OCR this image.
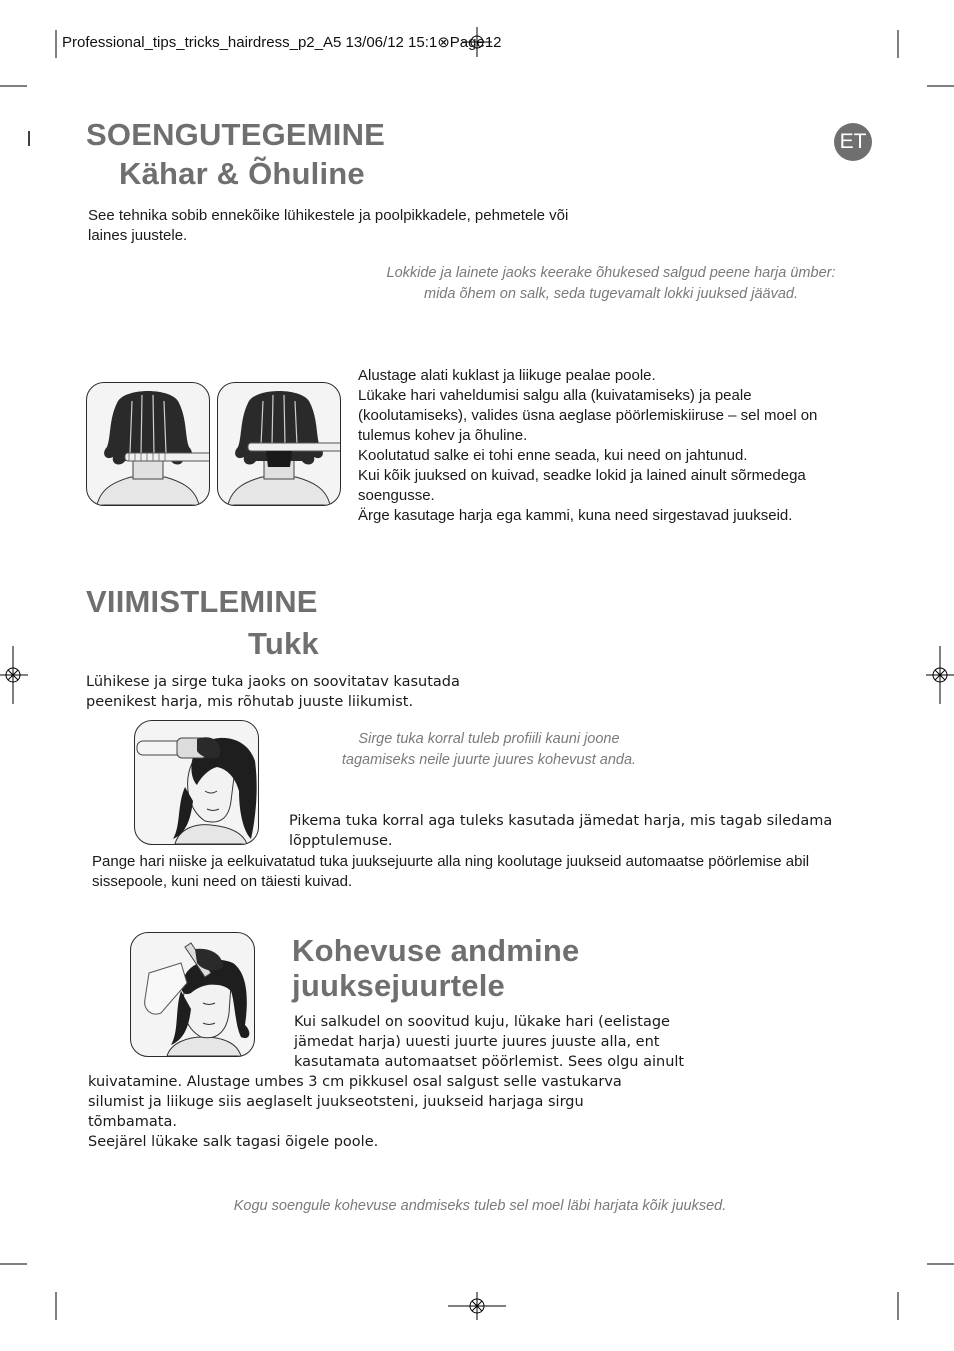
Professional_tips_tricks_hairdress_p2_A5 13/06/12 15:1⊗Page12
ET
SOENGUTEGEMINE
Kähar & Õhuline
See tehnika sobib ennekõike lühikestele ja poolpikkadele, pehmetele või
laines juustele.
Lokkide ja lainete jaoks keerake õhukesed salgud peene harja ümber:
mida õhem on salk, seda tugevamalt lokki juuksed jäävad.
Alustage alati kuklast ja liikuge pealae poole.
Lükake hari vaheldumisi salgu alla (kuivatamiseks) ja peale
(koolutamiseks), valides üsna aeglase pöörlemiskiiruse – sel moel on
tulemus kohev ja õhuline.
Koolutatud salke ei tohi enne seada, kui need on jahtunud.
Kui kõik juuksed on kuivad, seadke lokid ja lained ainult sõrmedega
soengusse.
Ärge kasutage harja ega kammi, kuna need sirgestavad juukseid.
VIIMISTLEMINE
Tukk
Lühikese ja sirge tuka jaoks on soovitatav kasutada
peenikest harja, mis rõhutab juuste liikumist.
Sirge tuka korral tuleb profiili kauni joone
tagamiseks neile juurte juures kohevust anda.
Pikema tuka korral aga tuleks kasutada jämedat harja, mis tagab siledama
lõpptulemuse.
Pange hari niiske ja eelkuivatatud tuka juuksejuurte alla ning koolutage juukseid automaatse pöörlemise abil
sissepoole, kuni need on täiesti kuivad.
Kohevuse andmine
juuksejuurtele
Kui salkudel on soovitud kuju, lükake hari (eelistage
jämedat harja) uuesti juurte juures juuste alla, ent
kasutamata automaatset pöörlemist. Sees olgu ainult
kuivatamine. Alustage umbes 3 cm pikkusel osal salgust selle vastukarva
silumist ja liikuge siis aeglaselt juukseotsteni, juukseid harjaga sirgu
tõmbamata.
Seejärel lükake salk tagasi õigele poole.
Kogu soengule kohevuse andmiseks tuleb sel moel läbi harjata kõik juuksed.
